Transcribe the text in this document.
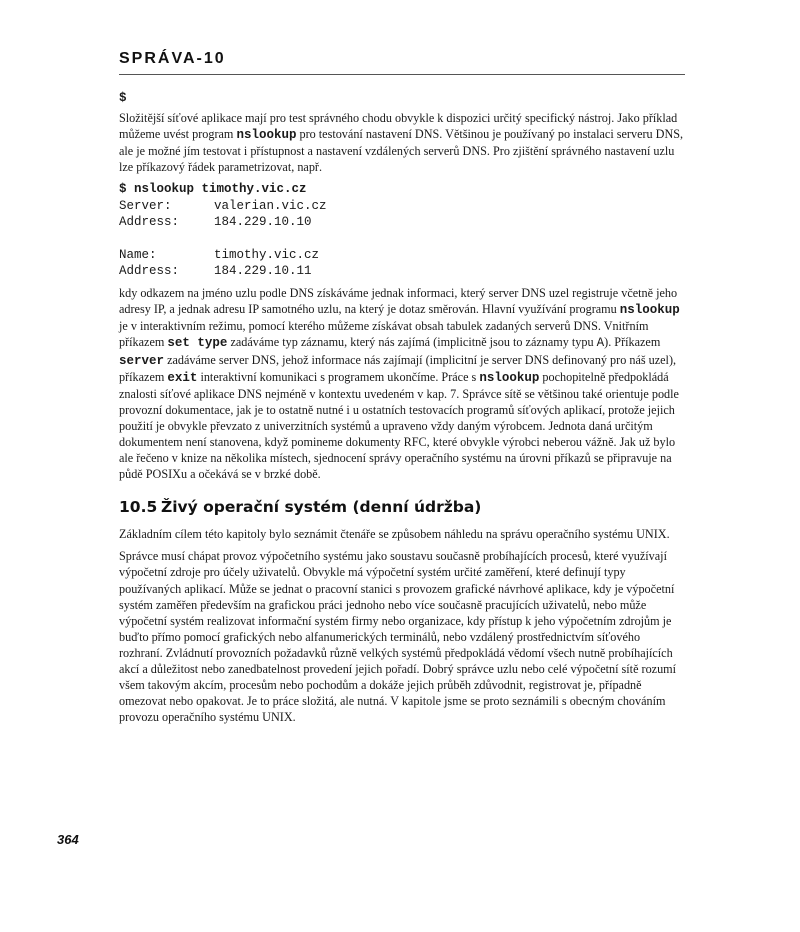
SPRÁVA-10
$

Složitější síťové aplikace mají pro test správného chodu obvykle k dispozici určitý specifický nástroj. Jako příklad můžeme uvést program nslookup pro testování nastavení DNS. Většinou je používaný po instalaci serveru DNS, ale je možné jím testovat i přístupnost a nastavení vzdálených serverů DNS. Pro zjištění správného nastavení uzlu lze příkazový řádek parametrizovat, např.

$ nslookup timothy.vic.cz
Server:	valerian.vic.cz
Address:	184.229.10.10
Name:	timothy.vic.cz
Address:	184.229.10.11

kdy odkazem na jméno uzlu podle DNS získáváme jednak informaci, který server DNS uzel registruje včetně jeho adresy IP, a jednak adresu IP samotného uzlu, na který je dotaz směrován. Hlavní využívání programu nslookup je v interaktivním režimu, pomocí kterého můžeme získávat obsah tabulek zadaných serverů DNS. Vnitřním příkazem set type zadáváme typ záznamu, který nás zajímá (implicitně jsou to záznamy typu A). Příkazem server zadáváme server DNS, jehož informace nás zajímají (implicitní je server DNS definovaný pro náš uzel), příkazem exit interaktivní komunikaci s programem ukončíme. Práce s nslookup pochopitelně předpokládá znalosti síťové aplikace DNS nejméně v kontextu uvedeném v kap. 7. Správce sítě se většinou také orientuje podle provozní dokumentace, jak je to ostatně nutné i u ostatních testovacích programů síťových aplikací, protože jejich použití je obvykle převzato z univerzitních systémů a upraveno vždy daným výrobcem. Jednota daná určitým dokumentem není stanovena, když pomineme dokumenty RFC, které obvykle výrobci neberou vážně. Jak už bylo ale řečeno v knize na několika místech, sjednocení správy operačního systému na úrovni příkazů se připravuje na půdě POSIXu a očekává se v brzké době.

10.5 Živý operační systém (denní údržba)

Základním cílem této kapitoly bylo seznámit čtenáře se způsobem náhledu na správu operačního systému UNIX.

Správce musí chápat provoz výpočetního systému jako soustavu současně probíhajících procesů, které využívají výpočetní zdroje pro účely uživatelů. Obvykle má výpočetní systém určité zaměření, které definují typy používaných aplikací. Může se jednat o pracovní stanici s provozem grafické návrhové aplikace, kdy je výpočetní systém zaměřen především na grafickou práci jednoho nebo více současně pracujících uživatelů, nebo může výpočetní systém realizovat informační systém firmy nebo organizace, kdy přístup k jeho výpočetním zdrojům je buďto přímo pomocí grafických nebo alfanumerických terminálů, nebo vzdálený prostřednictvím síťového rozhraní. Zvládnutí provozních požadavků různě velkých systémů předpokládá vědomí všech nutně probíhajících akcí a důležitost nebo zanedbatelnost provedení jejich pořadí. Dobrý správce uzlu nebo celé výpočetní sítě rozumí všem takovým akcím, procesům nebo pochodům a dokáže jejich průběh zdůvodnit, registrovat je, případně omezovat nebo opakovat. Je to práce složitá, ale nutná. V kapitole jsme se proto seznámili s obecným chováním provozu operačního systému UNIX.

364
